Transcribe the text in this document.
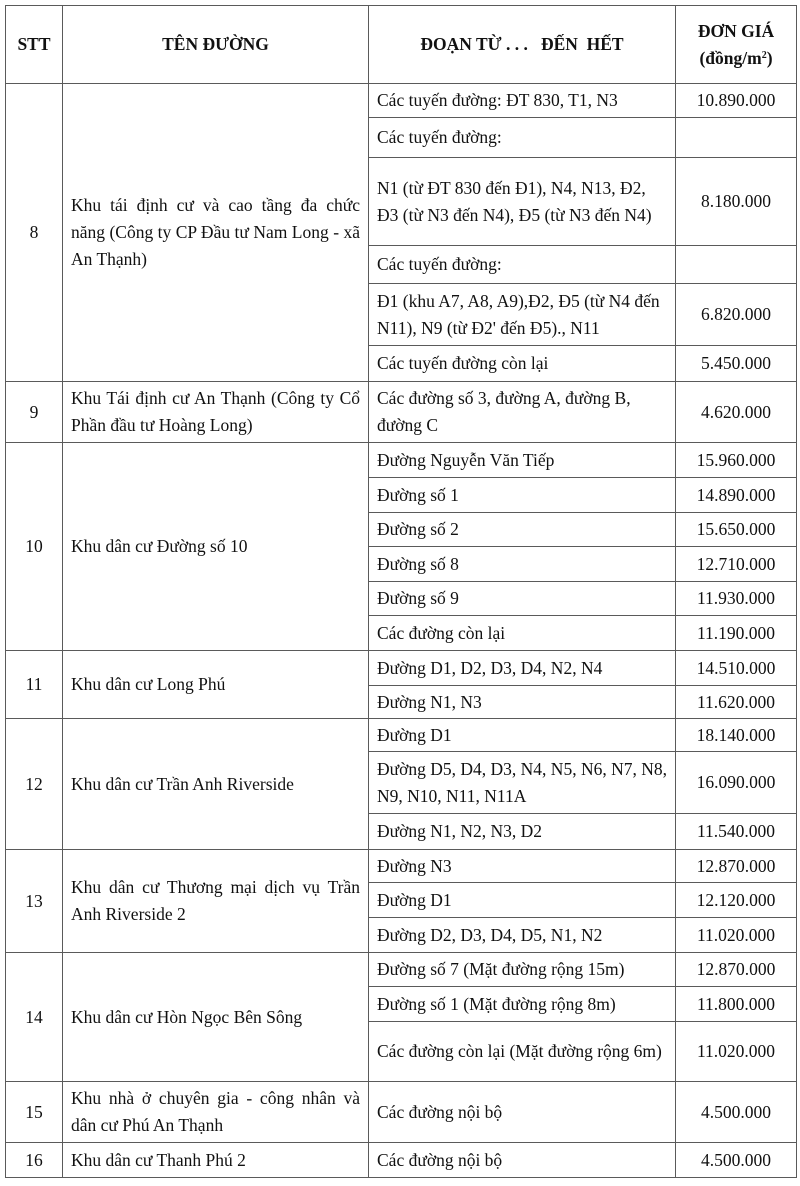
STT	TÊN ĐƯỜNG	ĐOẠN TỪ . . .   ĐẾN  HẾT	ĐƠN GIÁ
$(đồng/m^2)$
8	Khu tái định cư và cao tầng đa chức năng (Công ty CP Đầu tư Nam Long - xã An Thạnh)	Các tuyến đường: ĐT 830, T1, N3	10.890.000
		Các tuyến đường:	
		N1 (từ ĐT 830 đến Đ1), N4, N13, Đ2, Đ3 (từ N3 đến N4), Đ5 (từ N3 đến N4)	8.180.000
		Các tuyến đường:	
		Đ1 (khu A7, A8, A9),Đ2, Đ5 (từ N4 đến N11), N9 (từ Đ2' đến Đ5)., N11	6.820.000
		Các tuyến đường còn lại	5.450.000
9	Khu Tái định cư An Thạnh (Công ty Cổ Phần đầu tư Hoàng Long)	Các đường số 3, đường A, đường B, đường C	4.620.000
10	Khu dân cư Đường số 10	Đường Nguyễn Văn Tiếp	15.960.000
		Đường số 1	14.890.000
		Đường số 2	15.650.000
		Đường số 8	12.710.000
		Đường số 9	11.930.000
		Các đường còn lại	11.190.000
11	Khu dân cư Long Phú	Đường D1, D2, D3, D4, N2, N4	14.510.000
		Đường N1, N3	11.620.000
12	Khu dân cư Trần Anh Riverside	Đường D1	18.140.000
		Đường D5, D4, D3, N4, N5, N6, N7, N8, N9, N10, N11, N11A	16.090.000
		Đường N1, N2, N3, D2	11.540.000
13	Khu dân cư Thương mại dịch vụ Trần Anh Riverside 2	Đường N3	12.870.000
		Đường D1	12.120.000
		Đường D2, D3, D4, D5, N1, N2	11.020.000
14	Khu dân cư Hòn Ngọc Bên Sông	Đường số 7 (Mặt đường rộng 15m)	12.870.000
		Đường số 1 (Mặt đường rộng 8m)	11.800.000
		Các đường còn lại (Mặt đường rộng 6m)	11.020.000
15	Khu nhà ở chuyên gia - công nhân và dân cư Phú An Thạnh	Các đường nội bộ	4.500.000
16	Khu dân cư Thanh Phú 2	Các đường nội bộ	4.500.000
